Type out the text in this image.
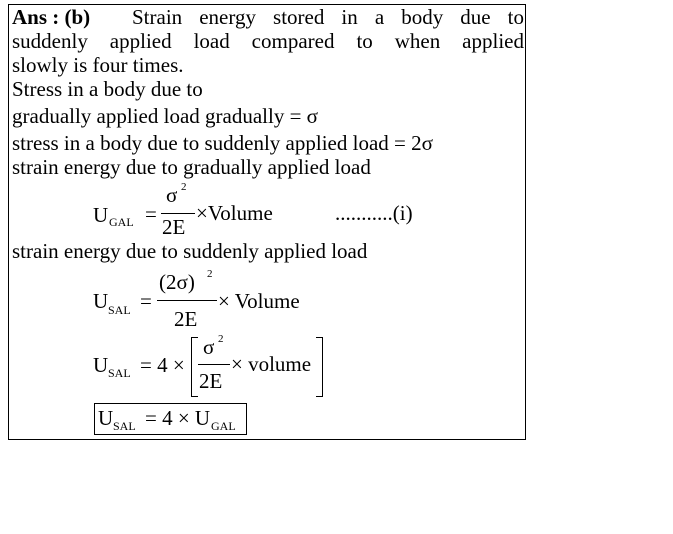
Ans : (b) Strain energy stored in a body due to
suddenly applied load compared to when applied
slowly is four times.
Stress in a body due to
gradually applied load gradually = σ
stress in a body due to suddenly applied load = 2σ
strain energy due to gradually applied load
U GAL =
σ 2
2E
×Volume	...........(i)
strain energy due to suddenly applied load
U SAL =
(2σ) 2
2E
× Volume
U SAL = 4 ×
σ 2
2E
× volume
U SAL = 4 × U GAL
